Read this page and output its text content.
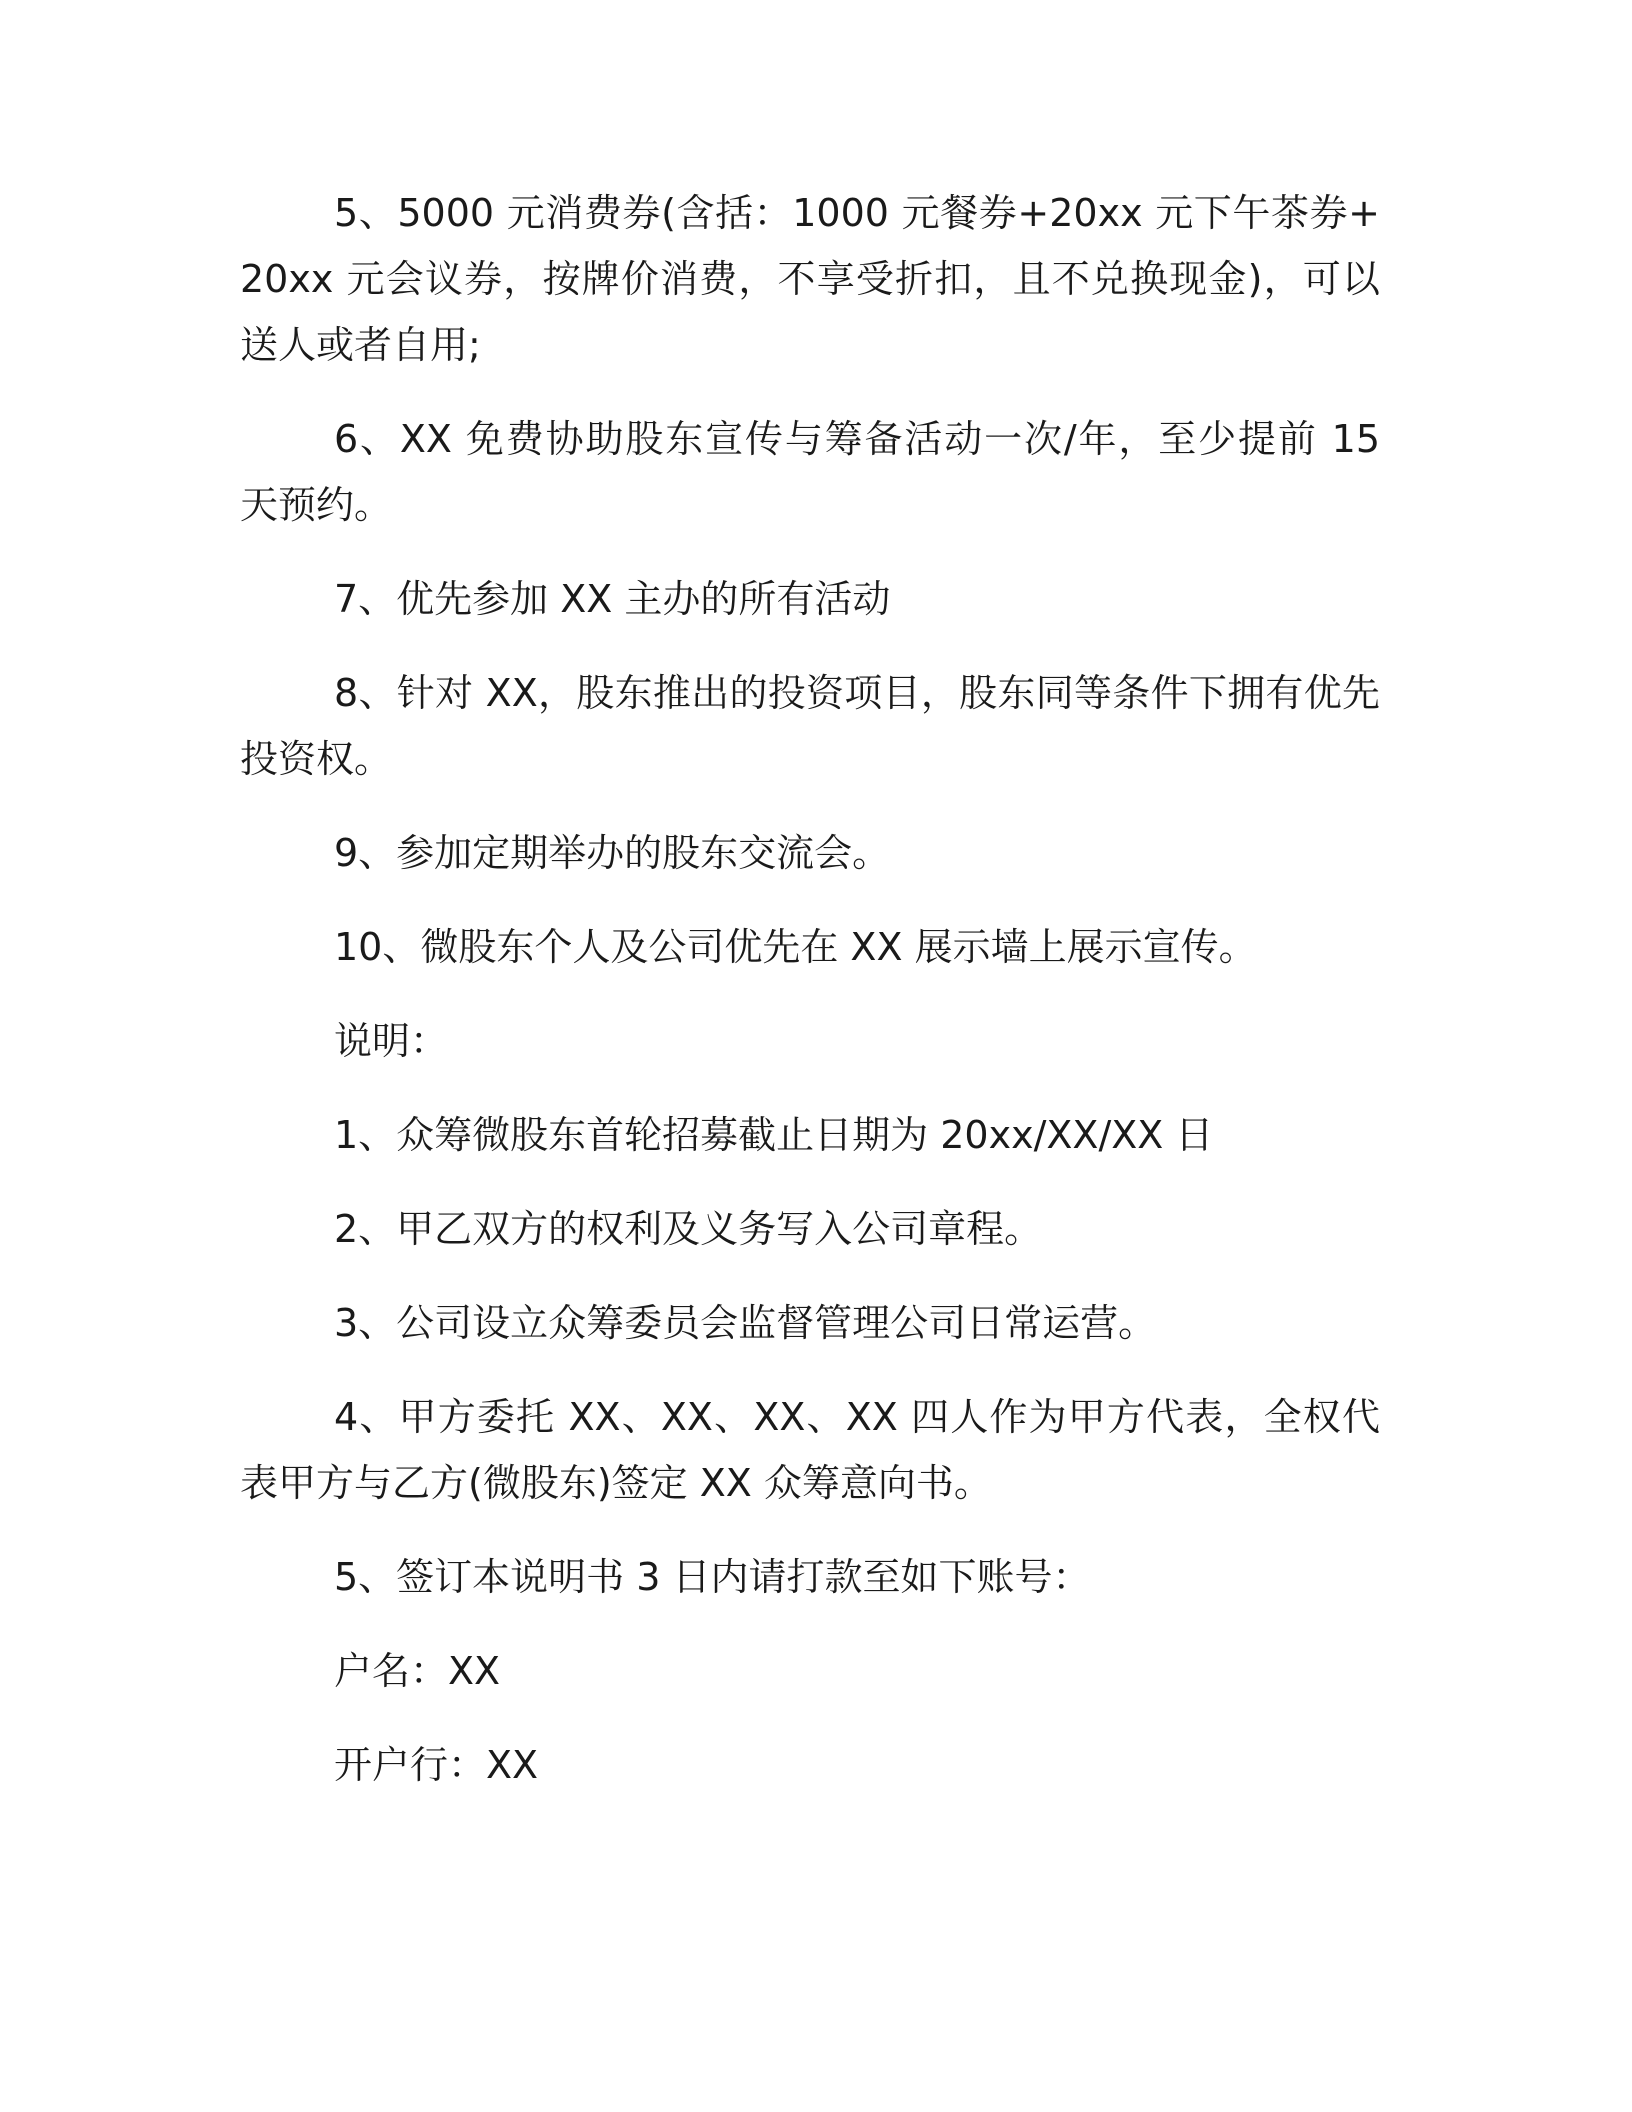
5、5000 元消费券(含括：1000 元餐券+20xx 元下午茶券+20xx 元会议券，按牌价消费，不享受折扣，且不兑换现金)，可以送人或者自用;

6、XX 免费协助股东宣传与筹备活动一次/年，至少提前 15 天预约。

7、优先参加 XX 主办的所有活动

8、针对 XX，股东推出的投资项目，股东同等条件下拥有优先投资权。

9、参加定期举办的股东交流会。

10、微股东个人及公司优先在 XX 展示墙上展示宣传。

说明：

1、众筹微股东首轮招募截止日期为 20xx/XX/XX 日

2、甲乙双方的权利及义务写入公司章程。

3、公司设立众筹委员会监督管理公司日常运营。

4、甲方委托 XX、XX、XX、XX 四人作为甲方代表，全权代表甲方与乙方(微股东)签定 XX 众筹意向书。

5、签订本说明书 3 日内请打款至如下账号：

户名：XX

开户行：XX
